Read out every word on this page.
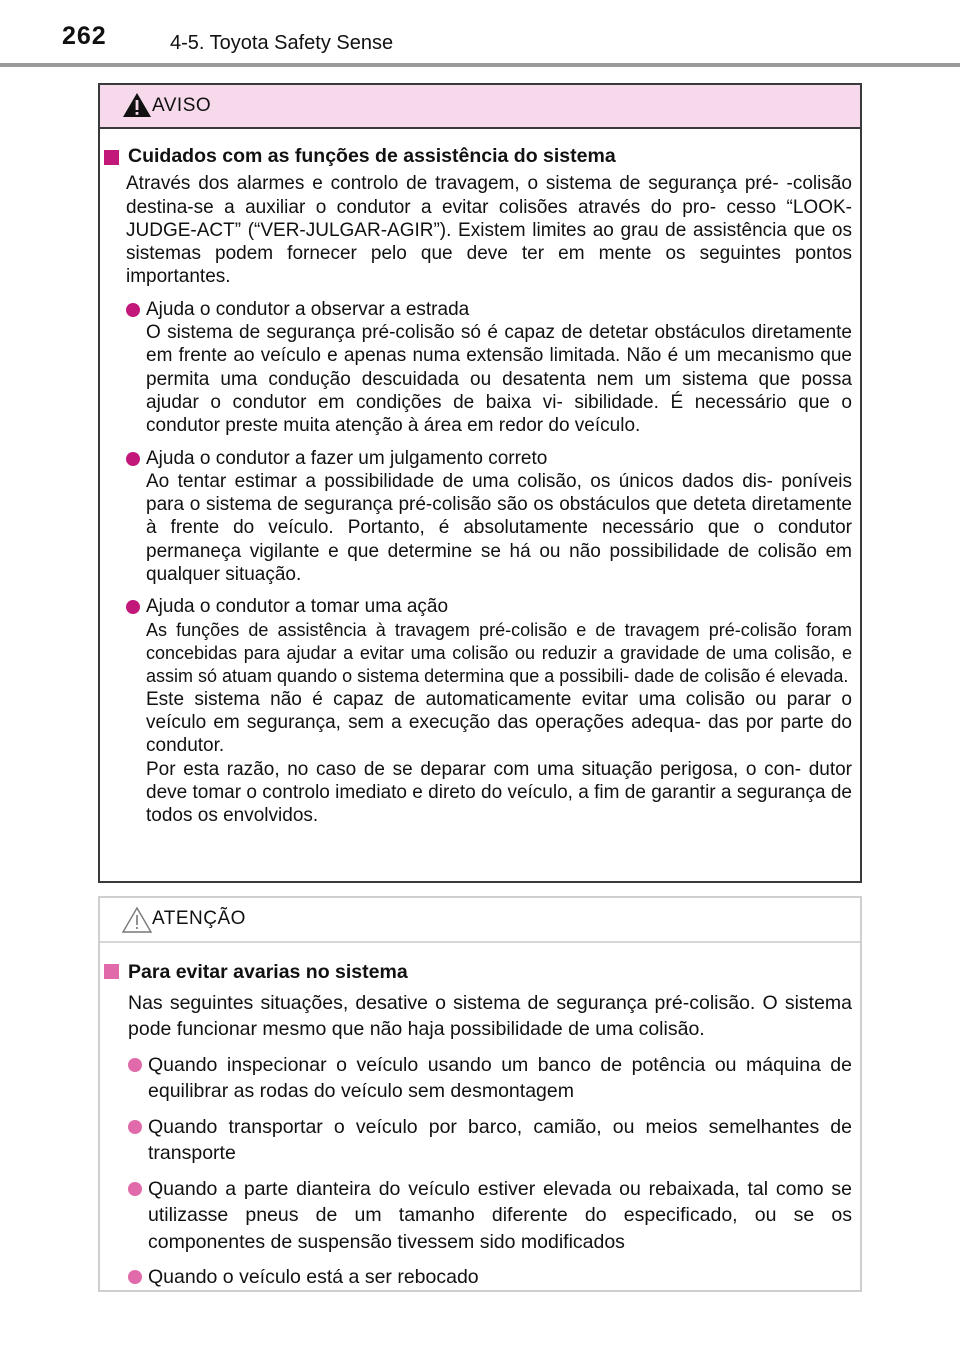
262	4-5. Toyota Safety Sense
AVISO
Cuidados com as funções de assistência do sistema
Através dos alarmes e controlo de travagem, o sistema de segurança pré- -colisão destina-se a auxiliar o condutor a evitar colisões através do pro- cesso “LOOK-JUDGE-ACT” (“VER-JULGAR-AGIR”). Existem limites ao grau de assistência que os sistemas podem fornecer pelo que deve ter em mente os seguintes pontos importantes.
Ajuda o condutor a observar a estrada
O sistema de segurança pré-colisão só é capaz de detetar obstáculos diretamente em frente ao veículo e apenas numa extensão limitada. Não é um mecanismo que permita uma condução descuidada ou desatenta nem um sistema que possa ajudar o condutor em condições de baixa vi- sibilidade. É necessário que o condutor preste muita atenção à área em redor do veículo.
Ajuda o condutor a fazer um julgamento correto
Ao tentar estimar a possibilidade de uma colisão, os únicos dados dis- poníveis para o sistema de segurança pré-colisão são os obstáculos que deteta diretamente à frente do veículo. Portanto, é absolutamente necessário que o condutor permaneça vigilante e que determine se há ou não possibilidade de colisão em qualquer situação.
Ajuda o condutor a tomar uma ação
As funções de assistência à travagem pré-colisão e de travagem pré-colisão foram concebidas para ajudar a evitar uma colisão ou reduzir a gravidade de uma colisão, e assim só atuam quando o sistema determina que a possibili- dade de colisão é elevada.
Este sistema não é capaz de automaticamente evitar uma colisão ou parar o veículo em segurança, sem a execução das operações adequa- das por parte do condutor.
Por esta razão, no caso de se deparar com uma situação perigosa, o con- dutor deve tomar o controlo imediato e direto do veículo, a fim de garantir a segurança de todos os envolvidos.
ATENÇÃO
Para evitar avarias no sistema
Nas seguintes situações, desative o sistema de segurança pré-colisão. O sistema pode funcionar mesmo que não haja possibilidade de uma colisão.
Quando inspecionar o veículo usando um banco de potência ou máquina de equilibrar as rodas do veículo sem desmontagem
Quando transportar o veículo por barco, camião, ou meios semelhantes de transporte
Quando a parte dianteira do veículo estiver elevada ou rebaixada, tal como se utilizasse pneus de um tamanho diferente do especificado, ou se os componentes de suspensão tivessem sido modificados
Quando o veículo está a ser rebocado
